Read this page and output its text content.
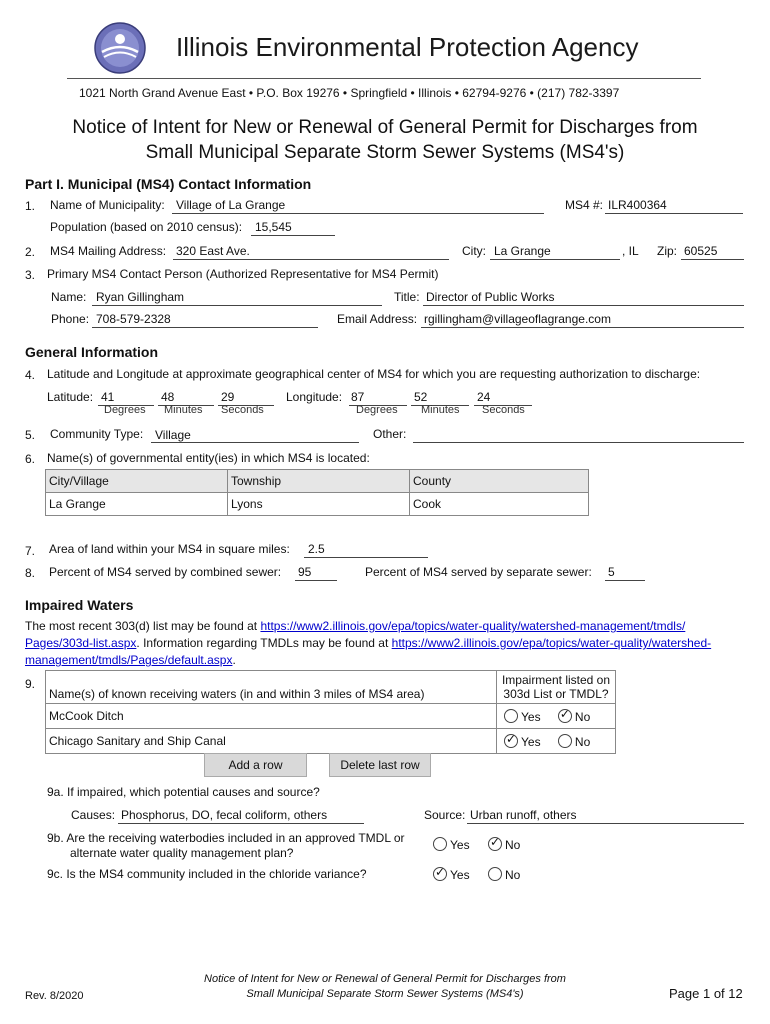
Illinois Environmental Protection Agency
1021 North Grand Avenue East • P.O. Box 19276 • Springfield • Illinois • 62794-9276 • (217) 782-3397
Notice of Intent for New or Renewal of General Permit for Discharges from
Small Municipal Separate Storm Sewer Systems (MS4's)
Part I. Municipal (MS4) Contact Information
1. Name of Municipality: Village of La Grange	MS4 #: ILR400364
Population (based on 2010 census): 15,545
2. MS4 Mailing Address: 320 East Ave.	City: La Grange	, IL Zip: 60525
3. Primary MS4 Contact Person (Authorized Representative for MS4 Permit)
Name: Ryan Gillingham	Title: Director of Public Works
Phone: 708-579-2328	Email Address: rgillingham@villageoflagrange.com
General Information
4. Latitude and Longitude at approximate geographical center of MS4 for which you are requesting authorization to discharge:
Latitude: 41	48	29
Degrees Minutes Seconds
Longitude: 87	52	24
Degrees Minutes Seconds
5. Community Type: Village	Other:
6. Name(s) of governmental entity(ies) in which MS4 is located:
City/Village	Township	County
La Grange	Lyons	Cook
7. Area of land within your MS4 in square miles: 2.5
8. Percent of MS4 served by combined sewer: 95	Percent of MS4 served by separate sewer: 5
Impaired Waters
The most recent 303(d) list may be found at https://www2.illinois.gov/epa/topics/water-quality/watershed-management/tmdls/
Pages/303d-list.aspx. Information regarding TMDLs may be found at https://www2.illinois.gov/epa/topics/water-quality/watershed-
management/tmdls/Pages/default.aspx.
9.
Name(s) of known receiving waters (in and within 3 miles of MS4 area)	Impairment listed on
303d List or TMDL?
McCook Ditch	Yes ✓ No
Chicago Sanitary and Ship Canal	✓Yes No
Add a row	Delete last row
9a. If impaired, which potential causes and source?
Causes: Phosphorus, DO, fecal coliform, others	Source: Urban runoff, others
9b. Are the receiving waterbodies included in an approved TMDL or
alternate water quality management plan?
Yes ✓	No
9c. Is the MS4 community included in the chloride variance? ✓	Yes	No
Rev. 8/2020
Notice of Intent for New or Renewal of General Permit for Discharges from
Small Municipal Separate Storm Sewer Systems (MS4's)	Page 1 of 12
